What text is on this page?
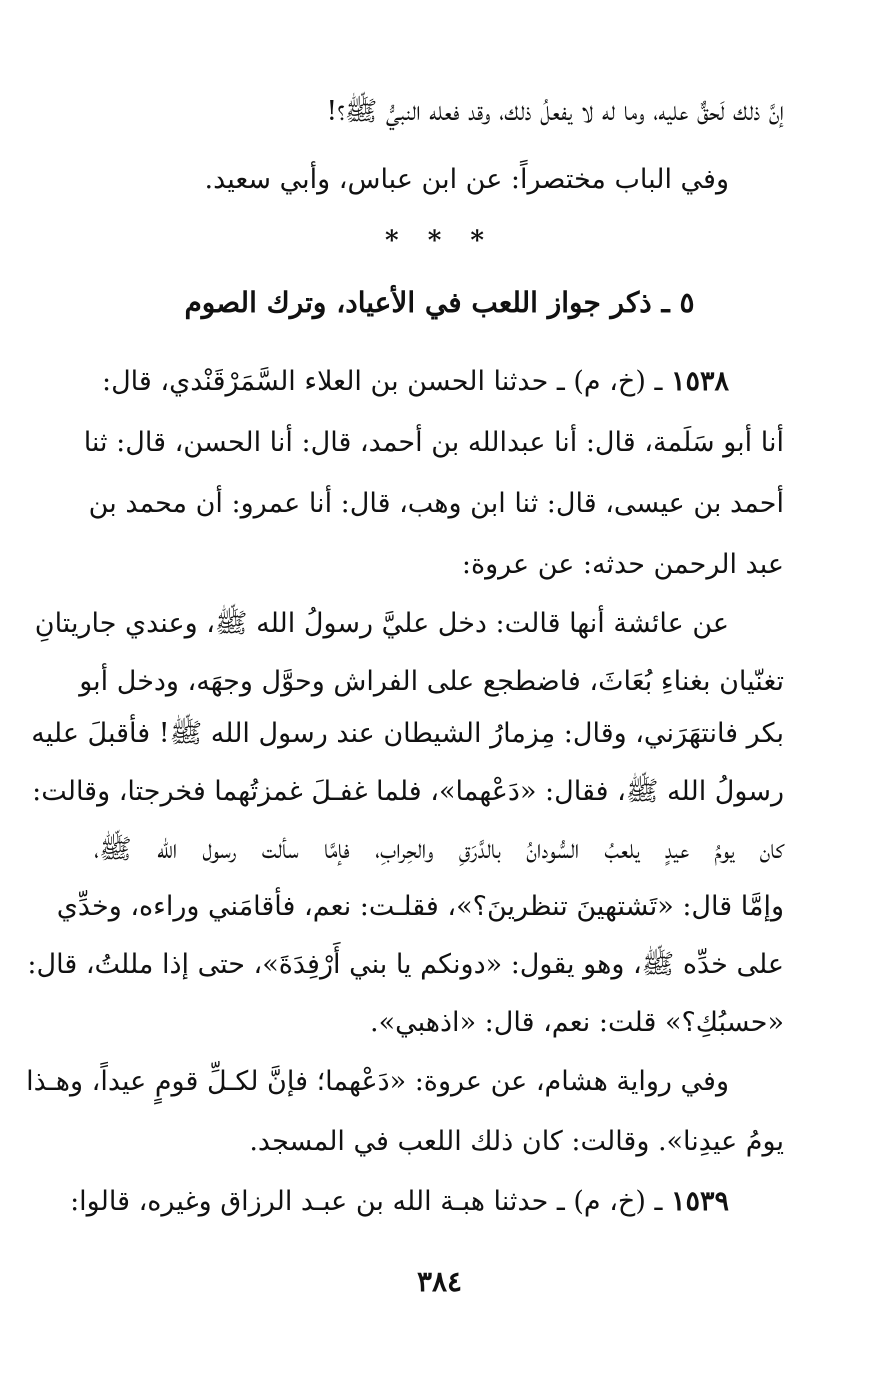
إنَّ ذلك لَحقٌّ عليه، وما له لا يفعلُ ذلك، وقد فعله النبيُّ ﷺ؟!
وفي الباب مختصراً: عن ابن عباس، وأبي سعيد.
* * *
٥ ـ ذكر جواز اللعب في الأعياد، وترك الصوم
١٥٣٨ ـ (خ، م) ـ حدثنا الحسن بن العلاء السَّمَرْقَنْدي، قال:
أنا أبو سَلَمة، قال: أنا عبدالله بن أحمد، قال: أنا الحسن، قال: ثنا
أحمد بن عيسى، قال: ثنا ابن وهب، قال: أنا عمرو: أن محمد بن
عبد الرحمن حدثه: عن عروة:
عن عائشة أنها قالت: دخل عليَّ رسولُ الله ﷺ، وعندي جاريتانِ
تغنّيان بغناءِ بُعَاثَ، فاضطجع على الفراش وحوَّل وجهَه، ودخل أبو
بكر فانتهَرَني، وقال: مِزمارُ الشيطان عند رسول الله ﷺ! فأقبلَ عليه
رسولُ الله ﷺ، فقال: «دَعْهما»، فلما غفـلَ غمزتُهما فخرجتا، وقالت:
كان يومُ عيدٍ يلعبُ السُّودانُ بالدَّرَقِ والحِرابِ، فإمَّا سألت رسول الله ﷺ،
وإمَّا قال: «تَشتهينَ تنظرينَ؟»، فقلـت: نعم، فأقامَني وراءه، وخدِّي
على خدِّه ﷺ، وهو يقول: «دونكم يا بني أَرْفِدَةَ»، حتى إذا مللتُ، قال:
«حسبُكِ؟» قلت: نعم، قال: «اذهبي».
وفي رواية هشام، عن عروة: «دَعْهما؛ فإنَّ لكـلِّ قومٍ عيداً، وهـذا
يومُ عيدِنا». وقالت: كان ذلك اللعب في المسجد.
١٥٣٩ ـ (خ، م) ـ حدثنا هبـة الله بن عبـد الرزاق وغيره، قالوا:
٣٨٤
